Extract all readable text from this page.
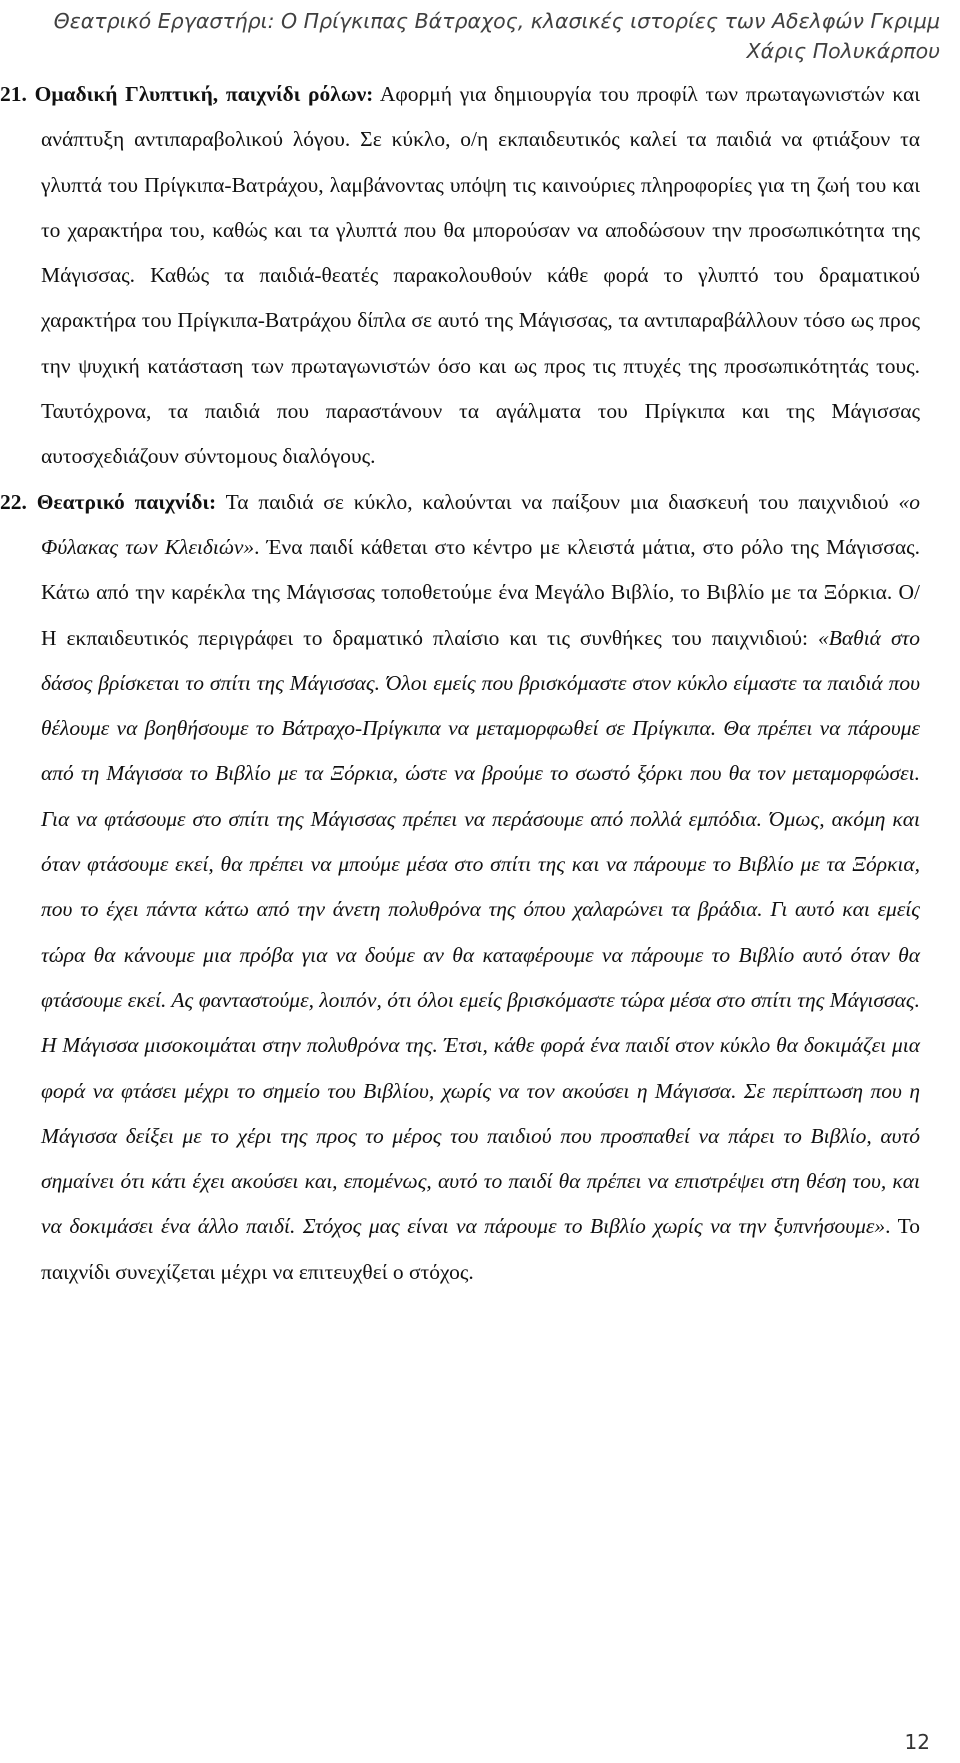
Θεατρικό Εργαστήρι: Ο Πρίγκιπας Βάτραχος, κλασικές ιστορίες των Αδελφών Γκριμμ
Χάρις Πολυκάρπου

21. Ομαδική Γλυπτική, παιχνίδι ρόλων: Αφορμή για δημιουργία του προφίλ των πρωταγωνιστών και ανάπτυξη αντιπαραβολικού λόγου. Σε κύκλο, ο/η εκπαιδευτικός καλεί τα παιδιά να φτιάξουν τα γλυπτά του Πρίγκιπα-Βατράχου, λαμβάνοντας υπόψη τις καινούριες πληροφορίες για τη ζωή του και το χαρακτήρα του, καθώς και τα γλυπτά που θα μπορούσαν να αποδώσουν την προσωπικότητα της Μάγισσας. Καθώς τα παιδιά-θεατές παρακολουθούν κάθε φορά το γλυπτό του δραματικού χαρακτήρα του Πρίγκιπα-Βατράχου δίπλα σε αυτό της Μάγισσας, τα αντιπαραβάλλουν τόσο ως προς την ψυχική κατάσταση των πρωταγωνιστών όσο και ως προς τις πτυχές της προσωπικότητάς τους. Ταυτόχρονα, τα παιδιά που παραστάνουν τα αγάλματα του Πρίγκιπα και της Μάγισσας αυτοσχεδιάζουν σύντομους διαλόγους.

22. Θεατρικό παιχνίδι: Τα παιδιά σε κύκλο, καλούνται να παίξουν μια διασκευή του παιχνιδιού «ο Φύλακας των Κλειδιών». Ένα παιδί κάθεται στο κέντρο με κλειστά μάτια, στο ρόλο της Μάγισσας. Κάτω από την καρέκλα της Μάγισσας τοποθετούμε ένα Μεγάλο Βιβλίο, το Βιβλίο με τα Ξόρκια. Ο/Η εκπαιδευτικός περιγράφει το δραματικό πλαίσιο και τις συνθήκες του παιχνιδιού: «Βαθιά στο δάσος βρίσκεται το σπίτι της Μάγισσας. Όλοι εμείς που βρισκόμαστε στον κύκλο είμαστε τα παιδιά που θέλουμε να βοηθήσουμε το Βάτραχο-Πρίγκιπα να μεταμορφωθεί σε Πρίγκιπα. Θα πρέπει να πάρουμε από τη Μάγισσα το Βιβλίο με τα Ξόρκια, ώστε να βρούμε το σωστό ξόρκι που θα τον μεταμορφώσει. Για να φτάσουμε στο σπίτι της Μάγισσας πρέπει να περάσουμε από πολλά εμπόδια. Όμως, ακόμη και όταν φτάσουμε εκεί, θα πρέπει να μπούμε μέσα στο σπίτι της και να πάρουμε το Βιβλίο με τα Ξόρκια, που το έχει πάντα κάτω από την άνετη πολυθρόνα της όπου χαλαρώνει τα βράδια. Γι αυτό και εμείς τώρα θα κάνουμε μια πρόβα για να δούμε αν θα καταφέρουμε να πάρουμε το Βιβλίο αυτό όταν θα φτάσουμε εκεί. Ας φανταστούμε, λοιπόν, ότι όλοι εμείς βρισκόμαστε τώρα μέσα στο σπίτι της Μάγισσας. Η Μάγισσα μισοκοιμάται στην πολυθρόνα της. Έτσι, κάθε φορά ένα παιδί στον κύκλο θα δοκιμάζει μια φορά να φτάσει μέχρι το σημείο του Βιβλίου, χωρίς να τον ακούσει η Μάγισσα. Σε περίπτωση που η Μάγισσα δείξει με το χέρι της προς το μέρος του παιδιού που προσπαθεί να πάρει το Βιβλίο, αυτό σημαίνει ότι κάτι έχει ακούσει και, επομένως, αυτό το παιδί θα πρέπει να επιστρέψει στη θέση του, και να δοκιμάσει ένα άλλο παιδί. Στόχος μας είναι να πάρουμε το Βιβλίο χωρίς να την ξυπνήσουμε». Το παιχνίδι συνεχίζεται μέχρι να επιτευχθεί ο στόχος.

12
